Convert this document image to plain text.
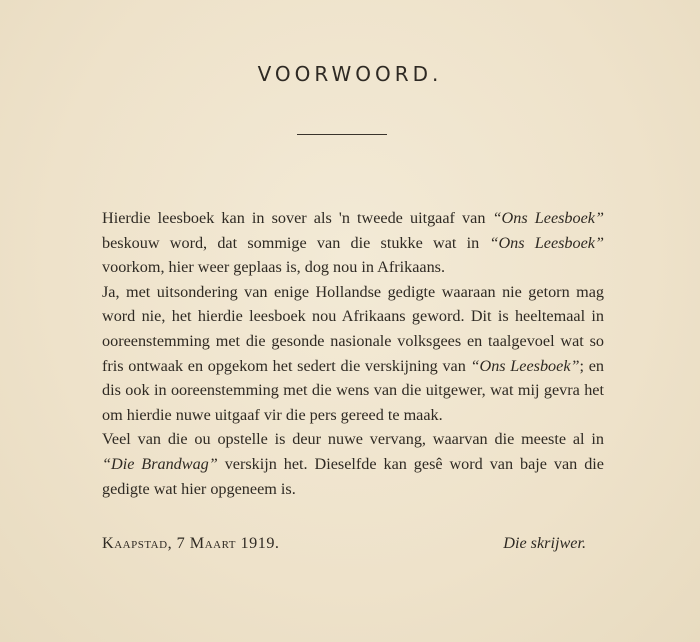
VOORWOORD.

Hierdie leesboek kan in sover als 'n tweede uitgaaf van “Ons Leesboek” beskouw word, dat sommige van die stukke wat in “Ons Leesboek” voorkom, hier weer geplaas is, dog nou in Afrikaans.

Ja, met uitsondering van enige Hollandse gedigte waaraan nie getorn mag word nie, het hierdie leesboek nou Afrikaans geword. Dit is heeltemaal in ooreenstemming met die gesonde nasionale volksgees en taalgevoel wat so fris ontwaak en opgekom het sedert die verskijning van “Ons Leesboek”; en dis ook in ooreenstemming met die wens van die uitgewer, wat mij gevra het om hierdie nuwe uitgaaf vir die pers gereed te maak.

Veel van die ou opstelle is deur nuwe vervang, waarvan die meeste al in “Die Brandwag” verskijn het. Dieselfde kan gesê word van baje van die gedigte wat hier opgeneem is.

Kaapstad, 7 Maart 1919.	Die skrijwer.
